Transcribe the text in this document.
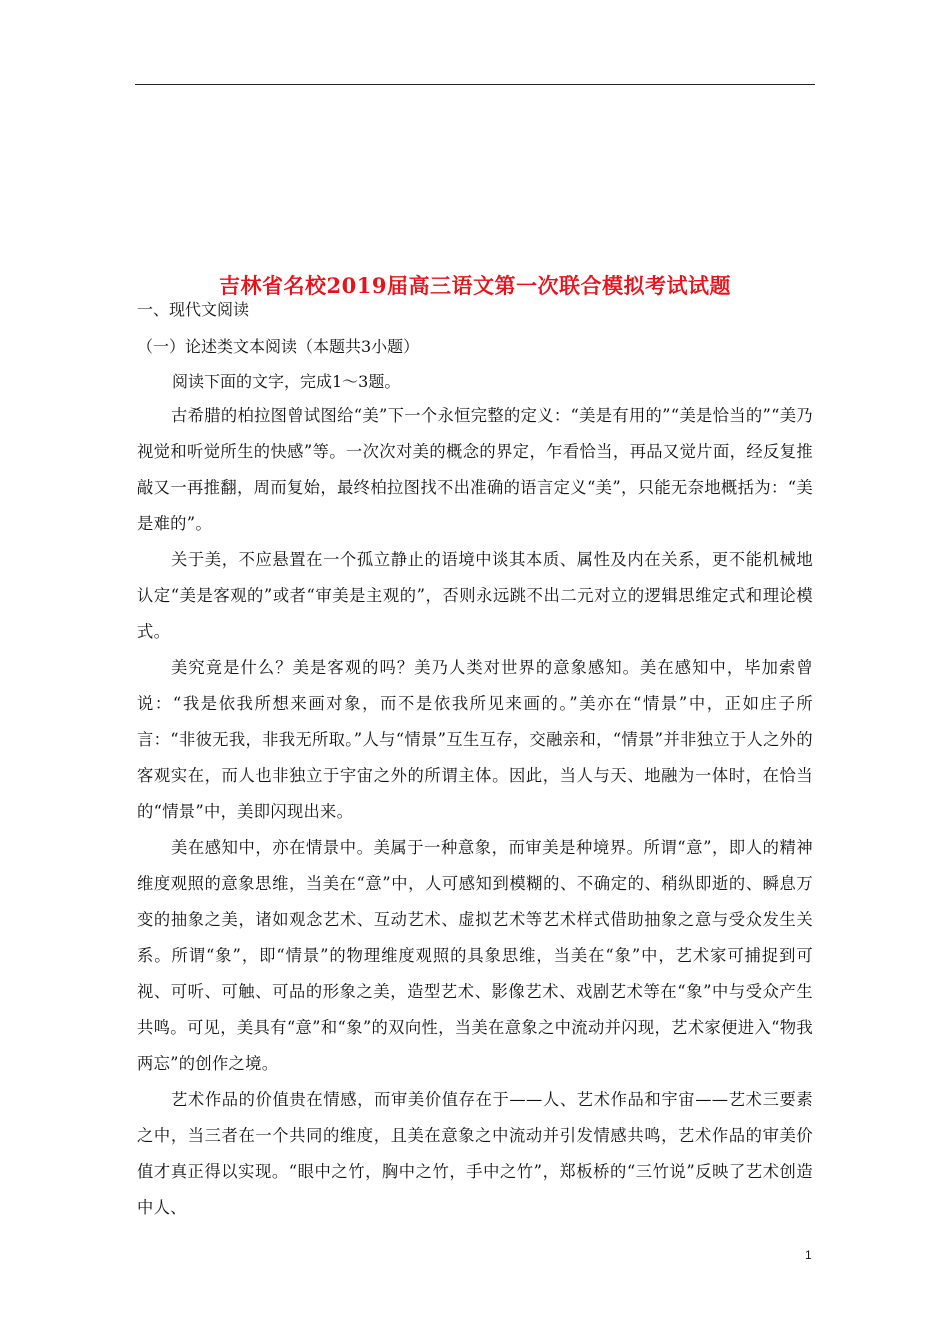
吉林省名校2019届高三语文第一次联合模拟考试试题
一、现代文阅读
（一）论述类文本阅读（本题共3小题）
阅读下面的文字，完成1～3题。

古希腊的柏拉图曾试图给“美”下一个永恒完整的定义：“美是有用的”“美是恰当的”“美乃视觉和听觉所生的快感”等。一次次对美的概念的界定，乍看恰当，再品又觉片面，经反复推敲又一再推翻，周而复始，最终柏拉图找不出准确的语言定义“美”，只能无奈地概括为：“美是难的”。

关于美，不应悬置在一个孤立静止的语境中谈其本质、属性及内在关系，更不能机械地认定“美是客观的”或者“审美是主观的”，否则永远跳不出二元对立的逻辑思维定式和理论模式。

美究竟是什么？美是客观的吗？美乃人类对世界的意象感知。美在感知中，毕加索曾说：“我是依我所想来画对象，而不是依我所见来画的。”美亦在“情景”中，正如庄子所言：“非彼无我，非我无所取。”人与“情景”互生互存，交融亲和，“情景”并非独立于人之外的客观实在，而人也非独立于宇宙之外的所谓主体。因此，当人与天、地融为一体时，在恰当的“情景”中，美即闪现出来。

美在感知中，亦在情景中。美属于一种意象，而审美是种境界。所谓“意”，即人的精神维度观照的意象思维，当美在“意”中，人可感知到模糊的、不确定的、稍纵即逝的、瞬息万变的抽象之美，诸如观念艺术、互动艺术、虚拟艺术等艺术样式借助抽象之意与受众发生关系。所谓“象”，即“情景”的物理维度观照的具象思维，当美在“象”中，艺术家可捕捉到可视、可听、可触、可品的形象之美，造型艺术、影像艺术、戏剧艺术等在“象”中与受众产生共鸣。可见，美具有“意”和“象”的双向性，当美在意象之中流动并闪现，艺术家便进入“物我两忘”的创作之境。

艺术作品的价值贵在情感，而审美价值存在于——人、艺术作品和宇宙——艺术三要素之中，当三者在一个共同的维度，且美在意象之中流动并引发情感共鸣，艺术作品的审美价值才真正得以实现。“眼中之竹，胸中之竹，手中之竹”，郑板桥的“三竹说”反映了艺术创造中人、

1
